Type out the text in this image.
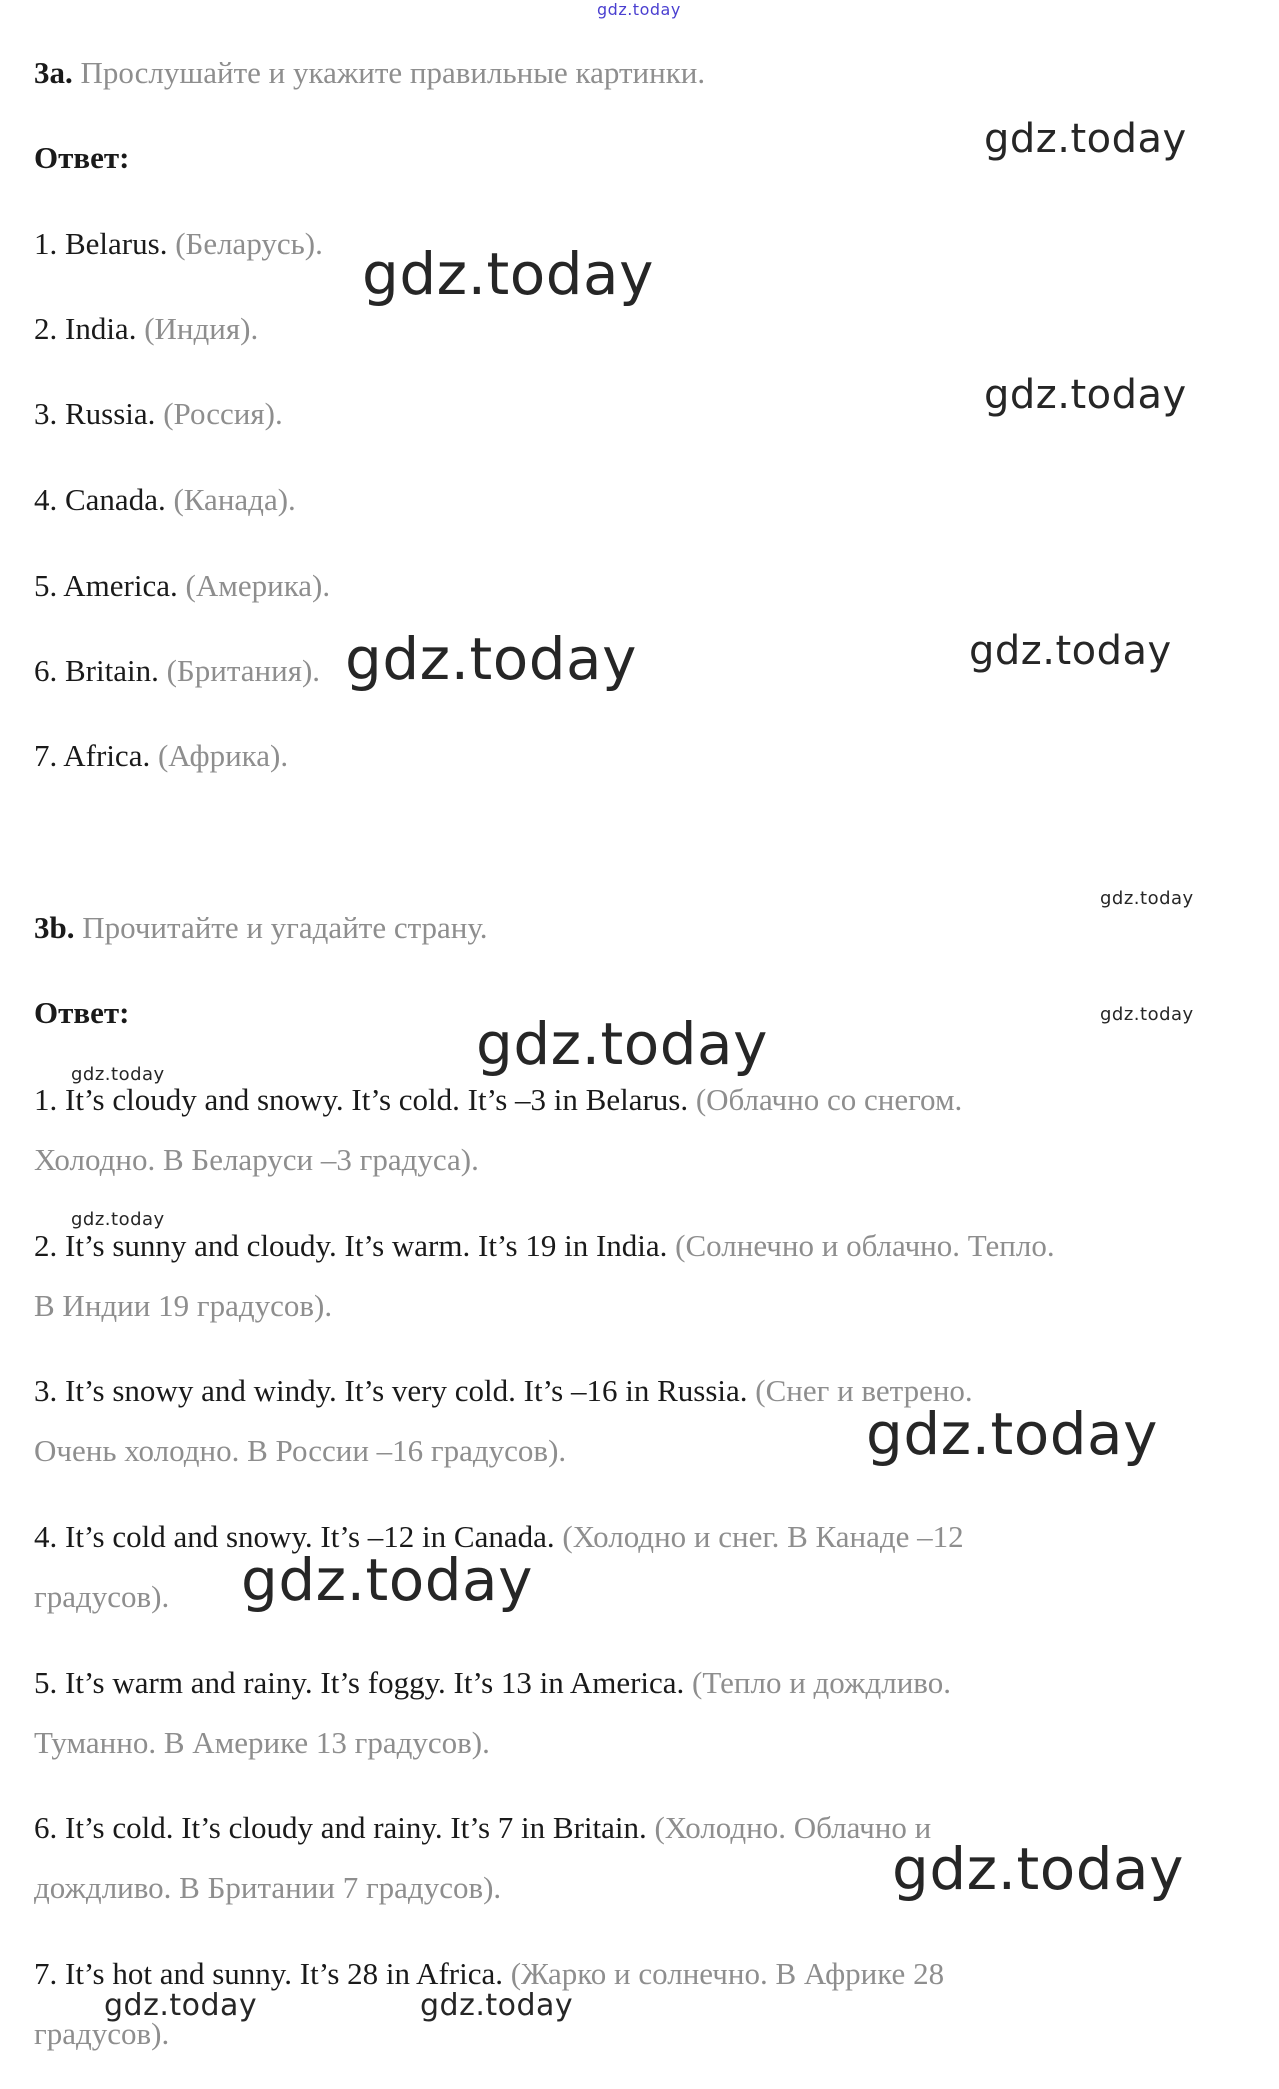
gdz.today
3a. Прослушайте и укажите правильные картинки.
Ответ:
1. Belarus. (Беларусь).
2. India. (Индия).
3. Russia. (Россия).
4. Canada. (Канада).
5. America. (Америка).
6. Britain. (Британия).
7. Africa. (Африка).
3b. Прочитайте и угадайте страну.
Ответ:
1. It’s cloudy and snowy. It’s cold. It’s –3 in Belarus. (Облачно со снегом.
Холодно. В Беларуси –3 градуса).
2. It’s sunny and cloudy. It’s warm. It’s 19 in India. (Солнечно и облачно. Тепло.
В Индии 19 градусов).
3. It’s snowy and windy. It’s very cold. It’s –16 in Russia. (Снег и ветрено.
Очень холодно. В России –16 градусов).
4. It’s cold and snowy. It’s –12 in Canada. (Холодно и снег. В Канаде –12
градусов).
5. It’s warm and rainy. It’s foggy. It’s 13 in America. (Тепло и дождливо.
Туманно. В Америке 13 градусов).
6. It’s cold. It’s cloudy and rainy. It’s 7 in Britain. (Холодно. Облачно и
дождливо. В Британии 7 градусов).
7. It’s hot and sunny. It’s 28 in Africa. (Жарко и солнечно. В Африке 28
градусов).
gdz.today
gdz.today
gdz.today
gdz.today	gdz.today
gdz.today
gdz.today
gdz.today
gdz.today
gdz.today
gdz.today
gdz.today
gdz.today
gdz.today	gdz.today
